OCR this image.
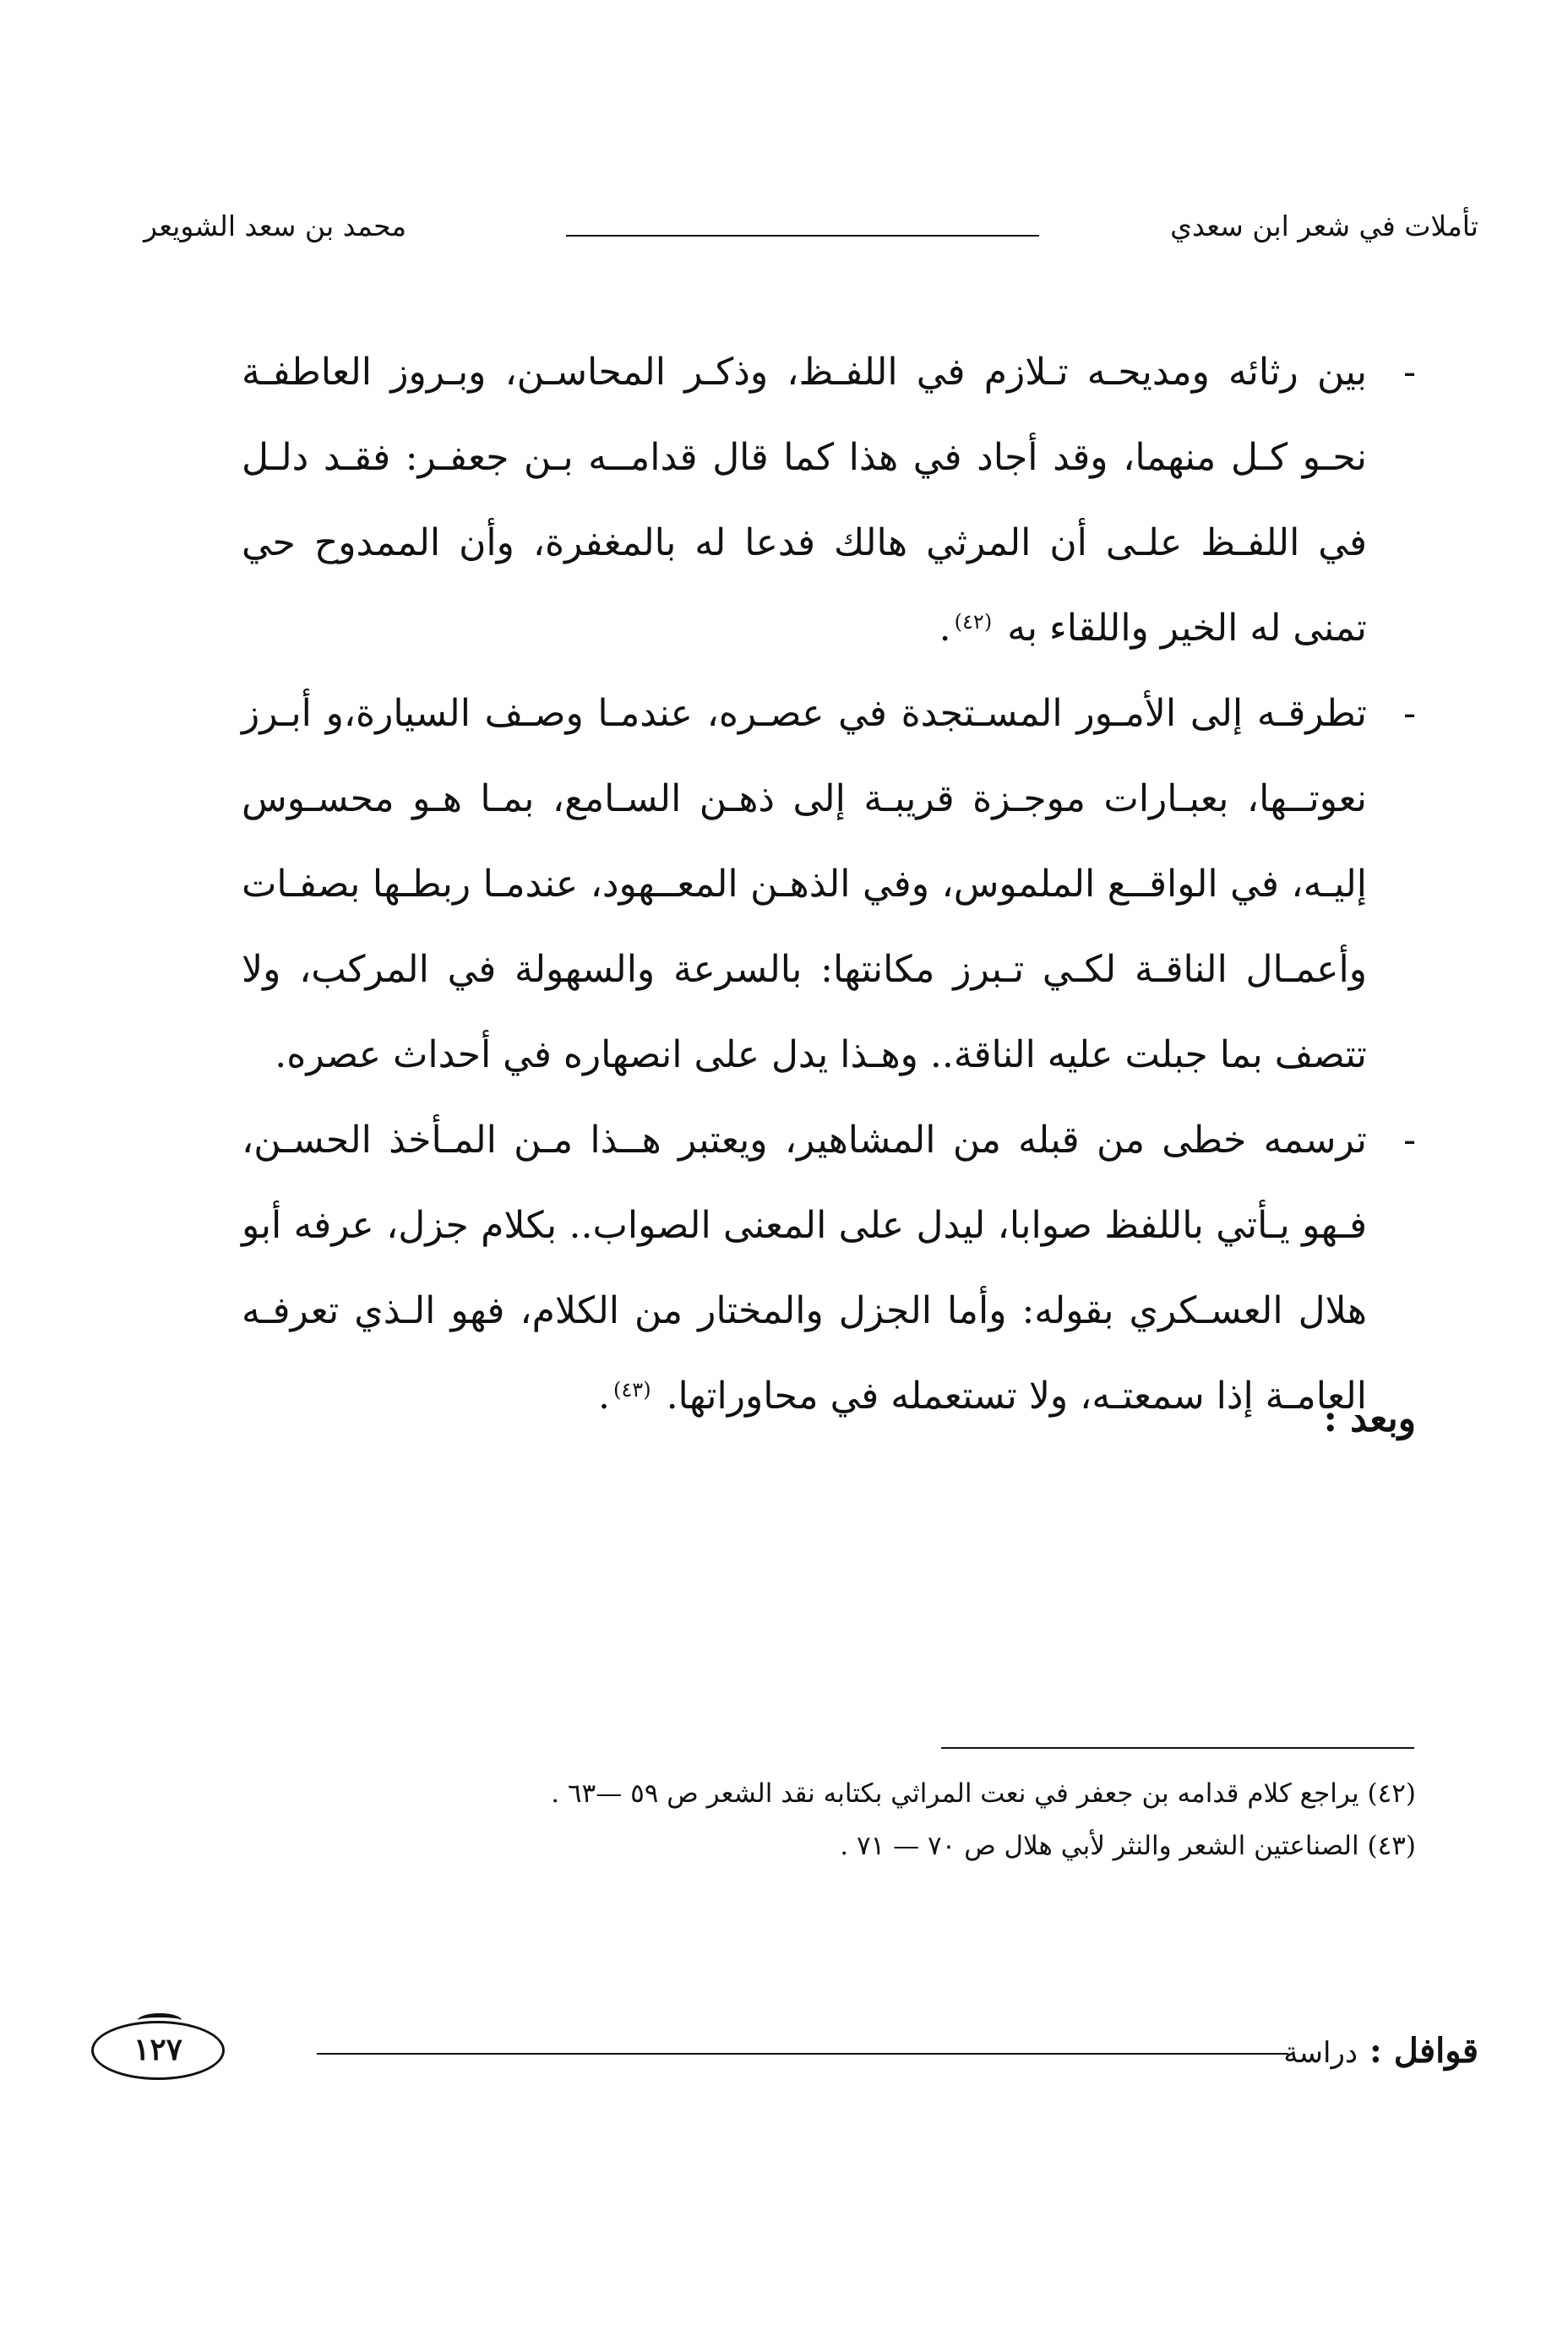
تأملات في شعر ابن سعدي
محمد بن سعد الشويعر

-
بين رثائه ومديحـه تـلازم في اللفـظ، وذكـر المحاسـن، وبـروز العاطفـة نحـو كـل منهما، وقد أجاد في هذا كما قال قدامــه بـن جعفـر: فقـد دلـل في اللفـظ علـى أن المرثي هالك فدعا له بالمغفرة، وأن الممدوح حي تمنى له الخير واللقاء به $^{(٤٢)}$.

-
تطرقـه إلى الأمـور المسـتجدة في عصـره، عندمـا وصـف السيارة،و أبـرز نعوتــها، بعبـارات موجـزة قريبـة إلى ذهـن السـامع، بمـا هـو محسـوس إليـه، في الواقــع الملموس، وفي الذهـن المعــهود، عندمـا ربطـها بصفـات وأعمـال الناقـة لكـي تـبرز مكانتها: بالسرعة والسهولة في المركب، ولا تتصف بما جبلت عليه الناقة.. وهـذا يدل على انصهاره في أحداث عصره.

-
ترسمه خطى من قبله من المشاهير، ويعتبر هــذا مـن المـأخذ الحسـن، فـهو يـأتي باللفظ صوابا، ليدل على المعنى الصواب.. بكلام جزل، عرفه أبو هلال العسـكري بقوله: وأما الجزل والمختار من الكلام، فهو الـذي تعرفـه العامـة إذا سمعتـه، ولا تستعمله في محاوراتها. $^{(٤٣)}$.

وبعد :
(٤٢) يراجع كلام قدامه بن جعفر في نعت المراثي بكتابه نقد الشعر ص ٥٩ —٦٣ .
(٤٣) الصناعتين الشعر والنثر لأبي هلال ص ٧٠ — ٧١ .
قوافل : دراسة
١٢٧
